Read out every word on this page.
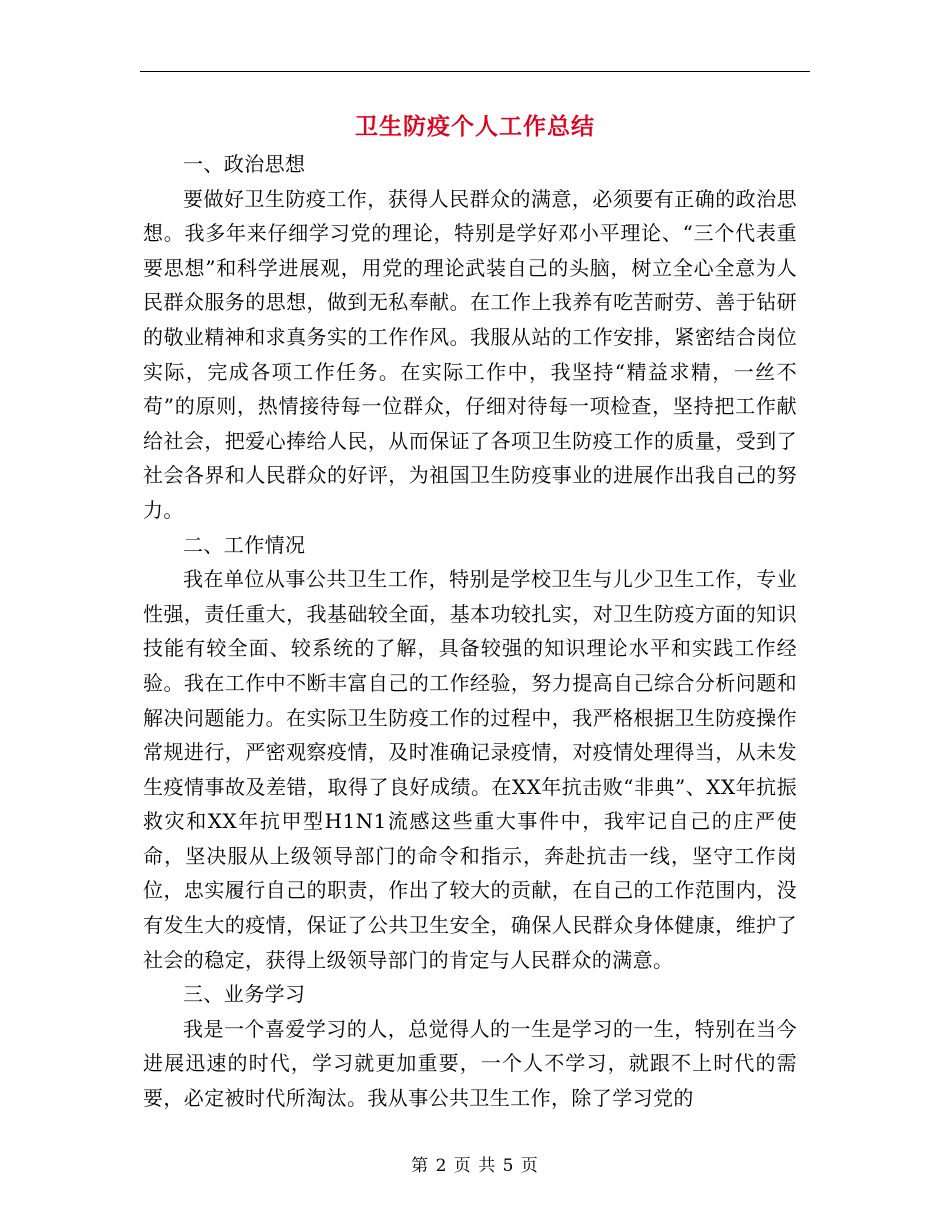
卫生防疫个人工作总结

一、政治思想

要做好卫生防疫工作，获得人民群众的满意，必须要有正确的政治思想。我多年来仔细学习党的理论，特别是学好邓小平理论、“三个代表重要思想”和科学进展观，用党的理论武装自己的头脑，树立全心全意为人民群众服务的思想，做到无私奉献。在工作上我养有吃苦耐劳、善于钻研的敬业精神和求真务实的工作作风。我服从站的工作安排，紧密结合岗位实际，完成各项工作任务。在实际工作中，我坚持“精益求精，一丝不苟”的原则，热情接待每一位群众，仔细对待每一项检查，坚持把工作献给社会，把爱心捧给人民，从而保证了各项卫生防疫工作的质量，受到了社会各界和人民群众的好评，为祖国卫生防疫事业的进展作出我自己的努力。

二、工作情况

我在单位从事公共卫生工作，特别是学校卫生与儿少卫生工作，专业性强，责任重大，我基础较全面，基本功较扎实，对卫生防疫方面的知识技能有较全面、较系统的了解，具备较强的知识理论水平和实践工作经验。我在工作中不断丰富自己的工作经验，努力提高自己综合分析问题和解决问题能力。在实际卫生防疫工作的过程中，我严格根据卫生防疫操作常规进行，严密观察疫情，及时准确记录疫情，对疫情处理得当，从未发生疫情事故及差错，取得了良好成绩。在XX年抗击败“非典”、XX年抗振救灾和XX年抗甲型H1N1流感这些重大事件中，我牢记自己的庄严使命，坚决服从上级领导部门的命令和指示，奔赴抗击一线，坚守工作岗位，忠实履行自己的职责，作出了较大的贡献，在自己的工作范围内，没有发生大的疫情，保证了公共卫生安全，确保人民群众身体健康，维护了社会的稳定，获得上级领导部门的肯定与人民群众的满意。

三、业务学习

我是一个喜爱学习的人，总觉得人的一生是学习的一生，特别在当今进展迅速的时代，学习就更加重要，一个人不学习，就跟不上时代的需要，必定被时代所淘汰。我从事公共卫生工作，除了学习党的

第 2 页 共 5 页
